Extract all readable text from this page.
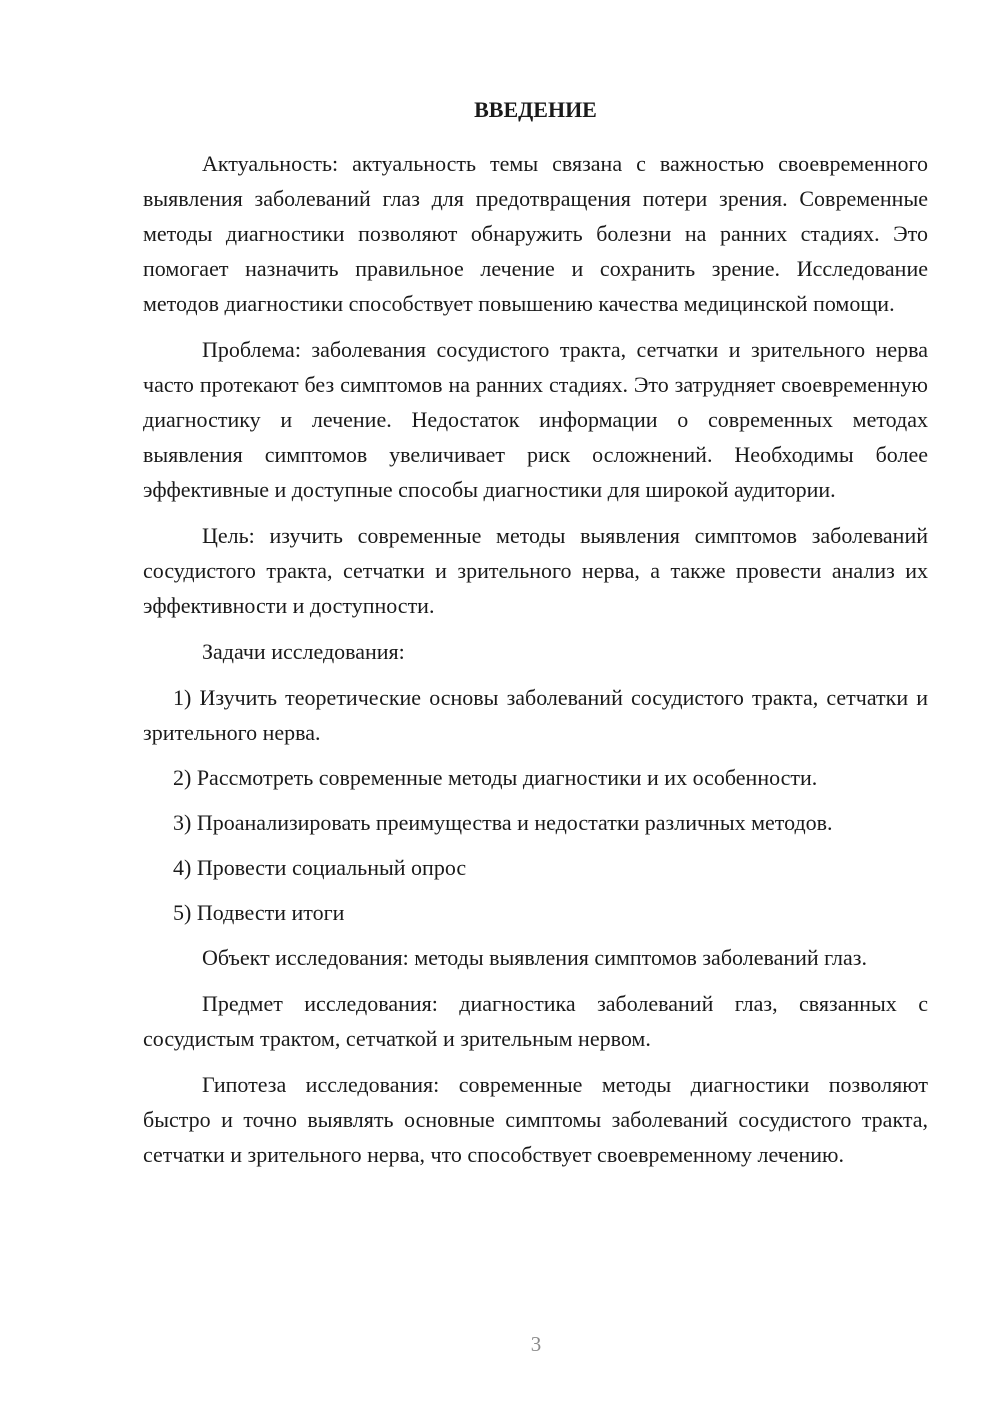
ВВЕДЕНИЕ

Актуальность: актуальность темы связана с важностью своевременного выявления заболеваний глаз для предотвращения потери зрения. Современные методы диагностики позволяют обнаружить болезни на ранних стадиях. Это помогает назначить правильное лечение и сохранить зрение. Исследование методов диагностики способствует повышению качества медицинской помощи.

Проблема: заболевания сосудистого тракта, сетчатки и зрительного нерва часто протекают без симптомов на ранних стадиях. Это затрудняет своевременную диагностику и лечение. Недостаток информации о современных методах выявления симптомов увеличивает риск осложнений. Необходимы более эффективные и доступные способы диагностики для широкой аудитории.

Цель: изучить современные методы выявления симптомов заболеваний сосудистого тракта, сетчатки и зрительного нерва, а также провести анализ их эффективности и доступности.

Задачи исследования:

1) Изучить теоретические основы заболеваний сосудистого тракта, сетчатки и зрительного нерва.

2) Рассмотреть современные методы диагностики и их особенности.

3) Проанализировать преимущества и недостатки различных методов.

4) Провести социальный опрос

5) Подвести итоги

Объект исследования: методы выявления симптомов заболеваний глаз.

Предмет исследования: диагностика заболеваний глаз, связанных с сосудистым трактом, сетчаткой и зрительным нервом.

Гипотеза исследования: современные методы диагностики позволяют быстро и точно выявлять основные симптомы заболеваний сосудистого тракта, сетчатки и зрительного нерва, что способствует своевременному лечению.

3
